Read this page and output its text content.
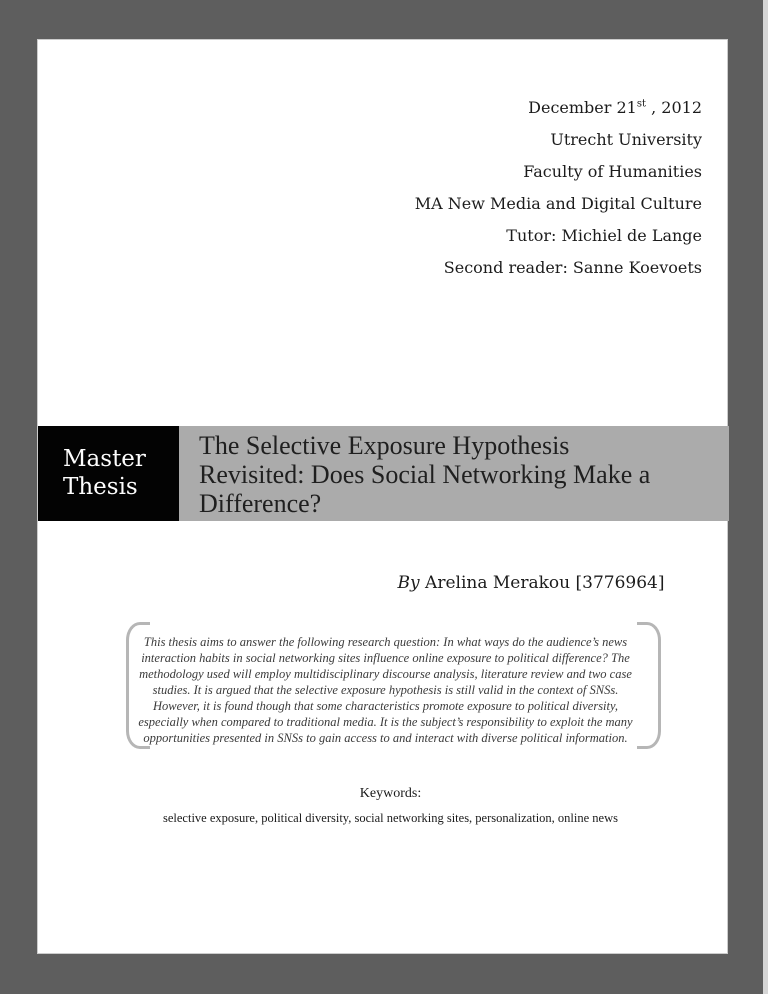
December 21st , 2012
Utrecht University
Faculty of Humanities
MA New Media and Digital Culture
Tutor: Michiel de Lange
Second reader: Sanne Koevoets
Master
Thesis
The Selective Exposure Hypothesis
Revisited: Does Social Networking Make a
Difference?
By Arelina Merakou [3776964]
This thesis aims to answer the following research question: In what ways do the audience’s news interaction habits in social networking sites influence online exposure to political difference? The methodology used will employ multidisciplinary discourse analysis, literature review and two case studies. It is argued that the selective exposure hypothesis is still valid in the context of SNSs. However, it is found though that some characteristics promote exposure to political diversity, especially when compared to traditional media. It is the subject’s responsibility to exploit the many opportunities presented in SNSs to gain access to and interact with diverse political information.
Keywords:
selective exposure, political diversity, social networking sites, personalization, online news
